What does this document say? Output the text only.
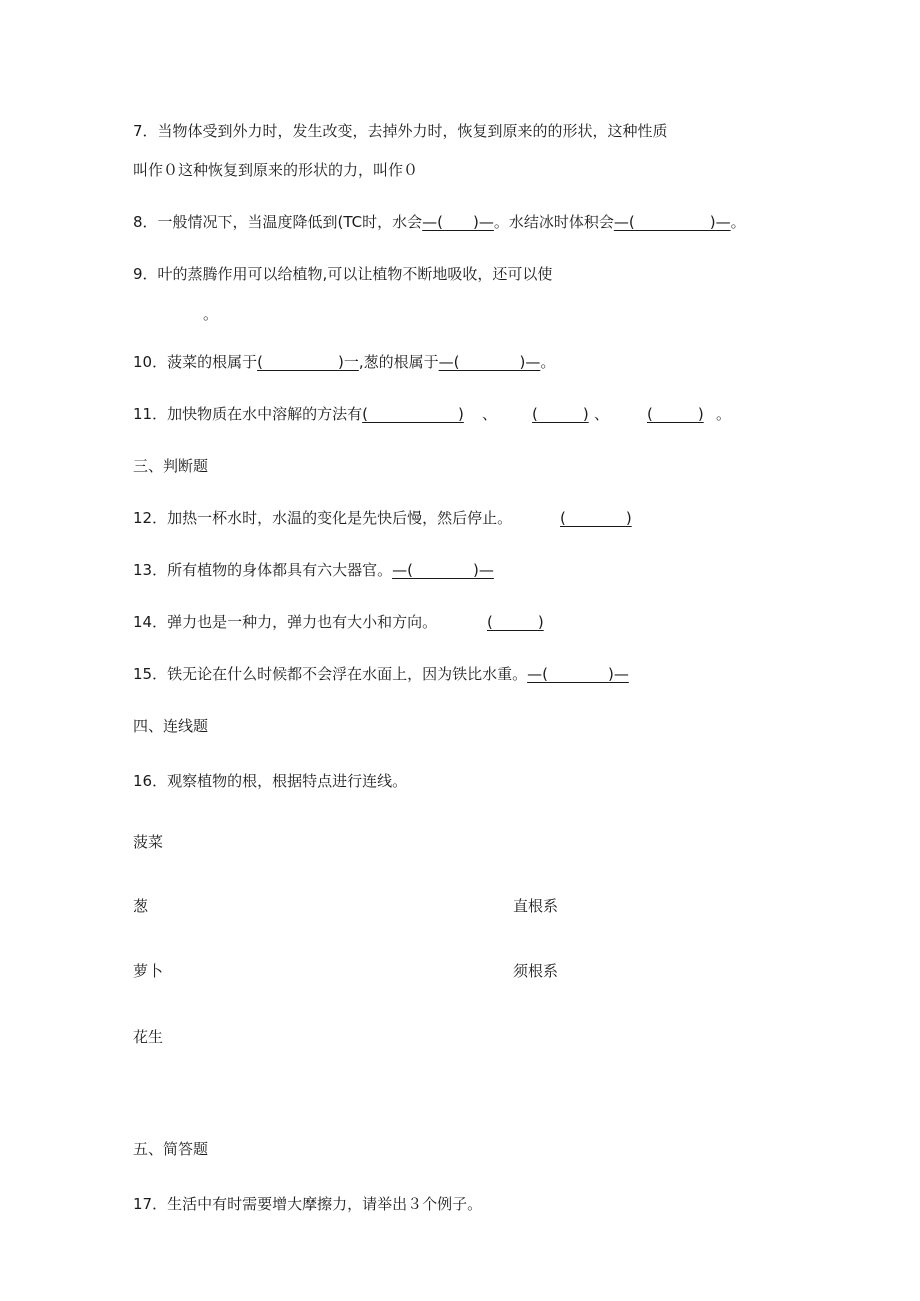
7．当物体受到外力时，发生改变，去掉外力时，恢复到原来的的形状，这种性质
叫作０这种恢复到原来的形状的力，叫作０
8．一般情况下，当温度降低到(TC时，水会—(　　)—。水结冰时体积会—(　　　　　)—。
9．叶的蒸腾作用可以给植物,可以让植物不断地吸收，还可以使
。
10．菠菜的根属于(　　　　　)一,葱的根属于—(　　　　)—。
11．加快物质在水中溶解的方法有(　　　　　　) 、 (　　　) 、	(　　　) 。
三、判断题
12．加热一杯水时，水温的变化是先快后慢，然后停止。	(　　　　)
13．所有植物的身体都具有六大器官。—(　　　　)—
14．弹力也是一种力，弹力也有大小和方向。	(　　　)
15．铁无论在什么时候都不会浮在水面上，因为铁比水重。—(　　　　)—
四、连线题
16．观察植物的根，根据特点进行连线。
菠菜
葱
萝卜
花生
直根系
须根系
五、简答题
17．生活中有时需要增大摩擦力，请举出３个例子。
